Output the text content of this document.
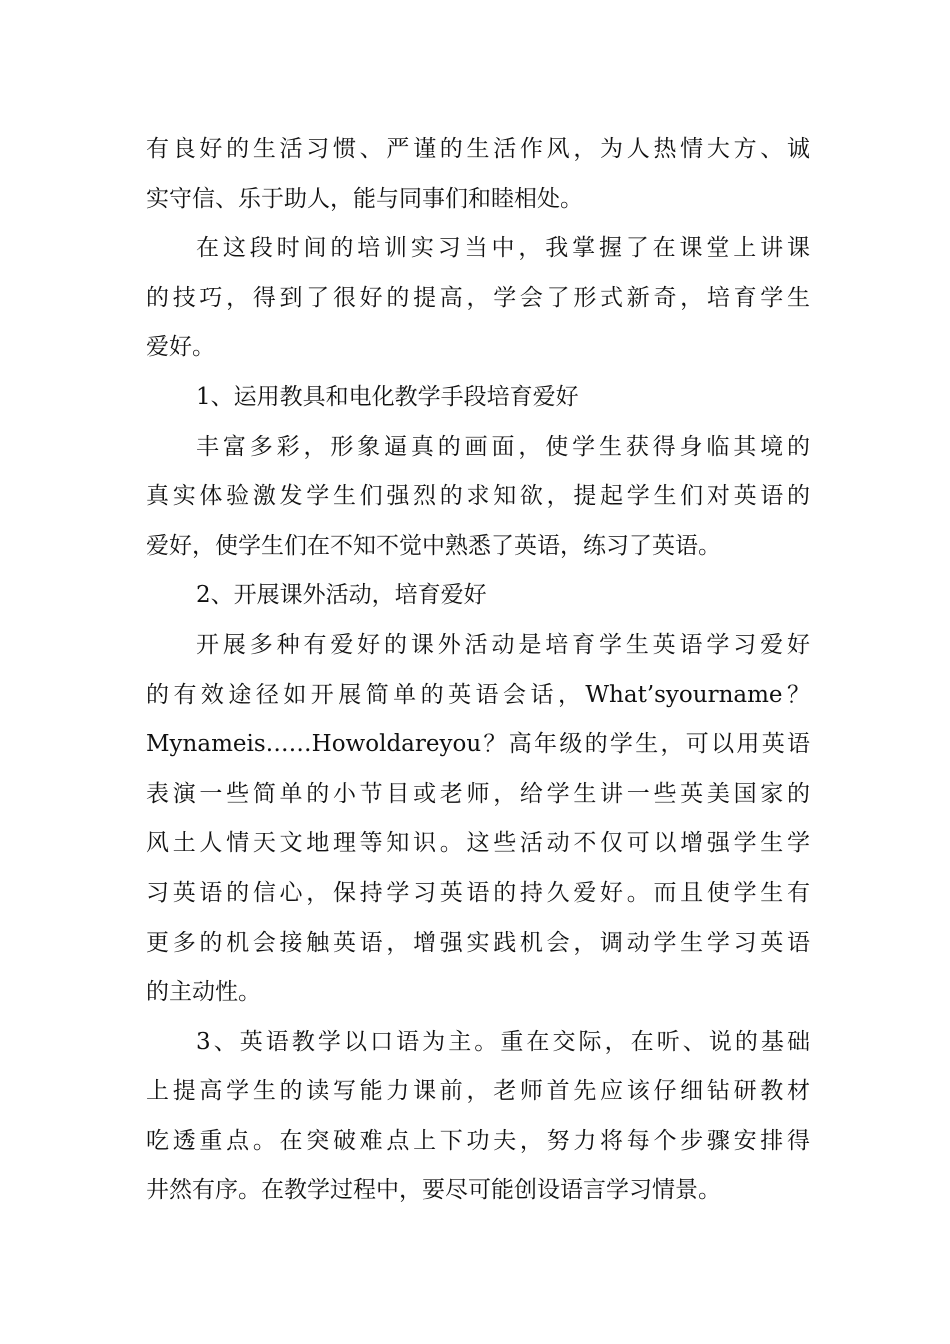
有良好的生活习惯、严谨的生活作风，为人热情大方、诚
实守信、乐于助人，能与同事们和睦相处。
在这段时间的培训实习当中，我掌握了在课堂上讲课
的技巧，得到了很好的提高，学会了形式新奇，培育学生
爱好。
1、运用教具和电化教学手段培育爱好
丰富多彩，形象逼真的画面，使学生获得身临其境的
真实体验激发学生们强烈的求知欲，提起学生们对英语的
爱好，使学生们在不知不觉中熟悉了英语，练习了英语。
2、开展课外活动，培育爱好
开展多种有爱好的课外活动是培育学生英语学习爱好
的有效途径如开展简单的英语会话，What’syourname？
Mynameis……Howoldareyou？高年级的学生，可以用英语
表演一些简单的小节目或老师，给学生讲一些英美国家的
风土人情天文地理等知识。这些活动不仅可以增强学生学
习英语的信心，保持学习英语的持久爱好。而且使学生有
更多的机会接触英语，增强实践机会，调动学生学习英语
的主动性。
3、英语教学以口语为主。重在交际，在听、说的基础
上提高学生的读写能力课前，老师首先应该仔细钻研教材
吃透重点。在突破难点上下功夫，努力将每个步骤安排得
井然有序。在教学过程中，要尽可能创设语言学习情景。
